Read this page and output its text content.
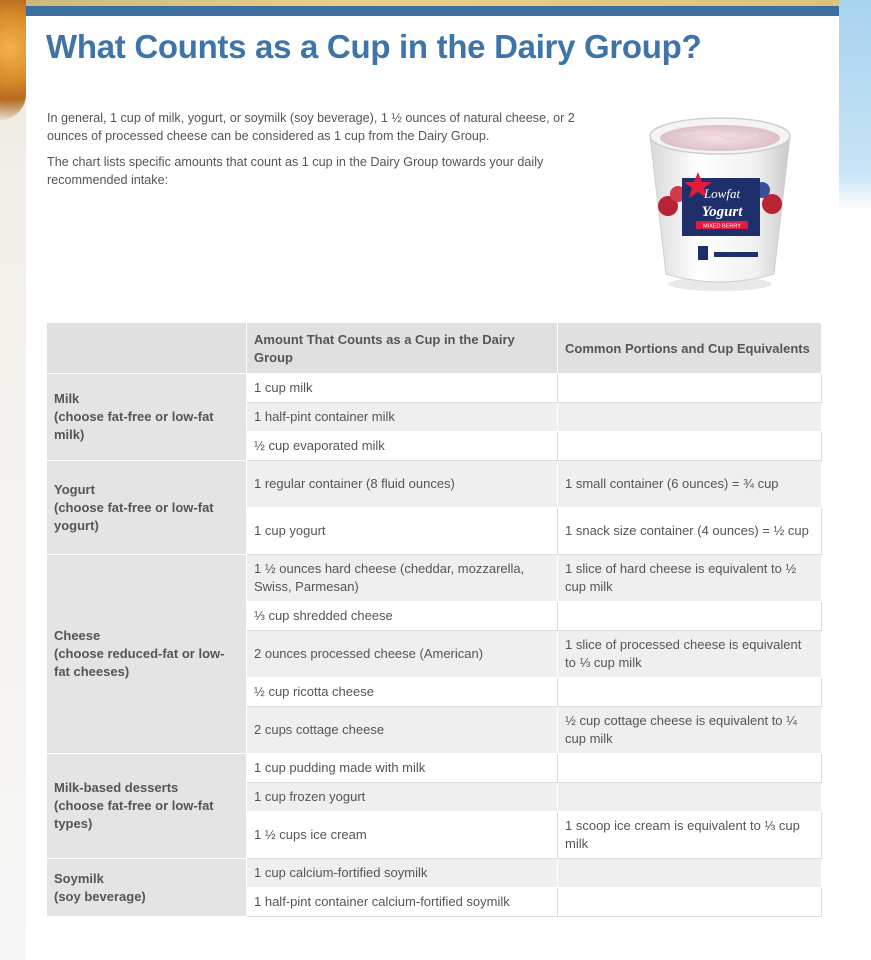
What Counts as a Cup in the Dairy Group?

In general, 1 cup of milk, yogurt, or soymilk (soy beverage), 1 ½ ounces of natural cheese, or 2 ounces of processed cheese can be considered as 1 cup from the Dairy Group.

The chart lists specific amounts that count as 1 cup in the Dairy Group towards your daily recommended intake:

Lowfat
Yogurt
MIXED BERRY
	Amount That Counts as a Cup in the Dairy Group	Common Portions and Cup Equivalents

Milk
(choose fat-free or low-fat milk)	1 cup milk	
	1 half-pint container milk	
	½ cup evaporated milk	

Yogurt
(choose fat-free or low-fat yogurt)	1 regular container (8 fluid ounces)	1 small container (6 ounces) = ¾ cup
	1 cup yogurt	1 snack size container (4 ounces) = ½ cup

Cheese
(choose reduced-fat or low-fat cheeses)	1 ½ ounces hard cheese (cheddar, mozzarella, Swiss, Parmesan)	1 slice of hard cheese is equivalent to ½ cup milk
	⅓ cup shredded cheese	
	2 ounces processed cheese (American)	1 slice of processed cheese is equivalent to ⅓ cup milk
	½ cup ricotta cheese	
	2 cups cottage cheese	½ cup cottage cheese is equivalent to ¼ cup milk

Milk-based desserts
(choose fat-free or low-fat types)	1 cup pudding made with milk	
	1 cup frozen yogurt	
	1 ½ cups ice cream	1 scoop ice cream is equivalent to ⅓ cup milk

Soymilk
(soy beverage)	1 cup calcium-fortified soymilk	
	1 half-pint container calcium-fortified soymilk	
